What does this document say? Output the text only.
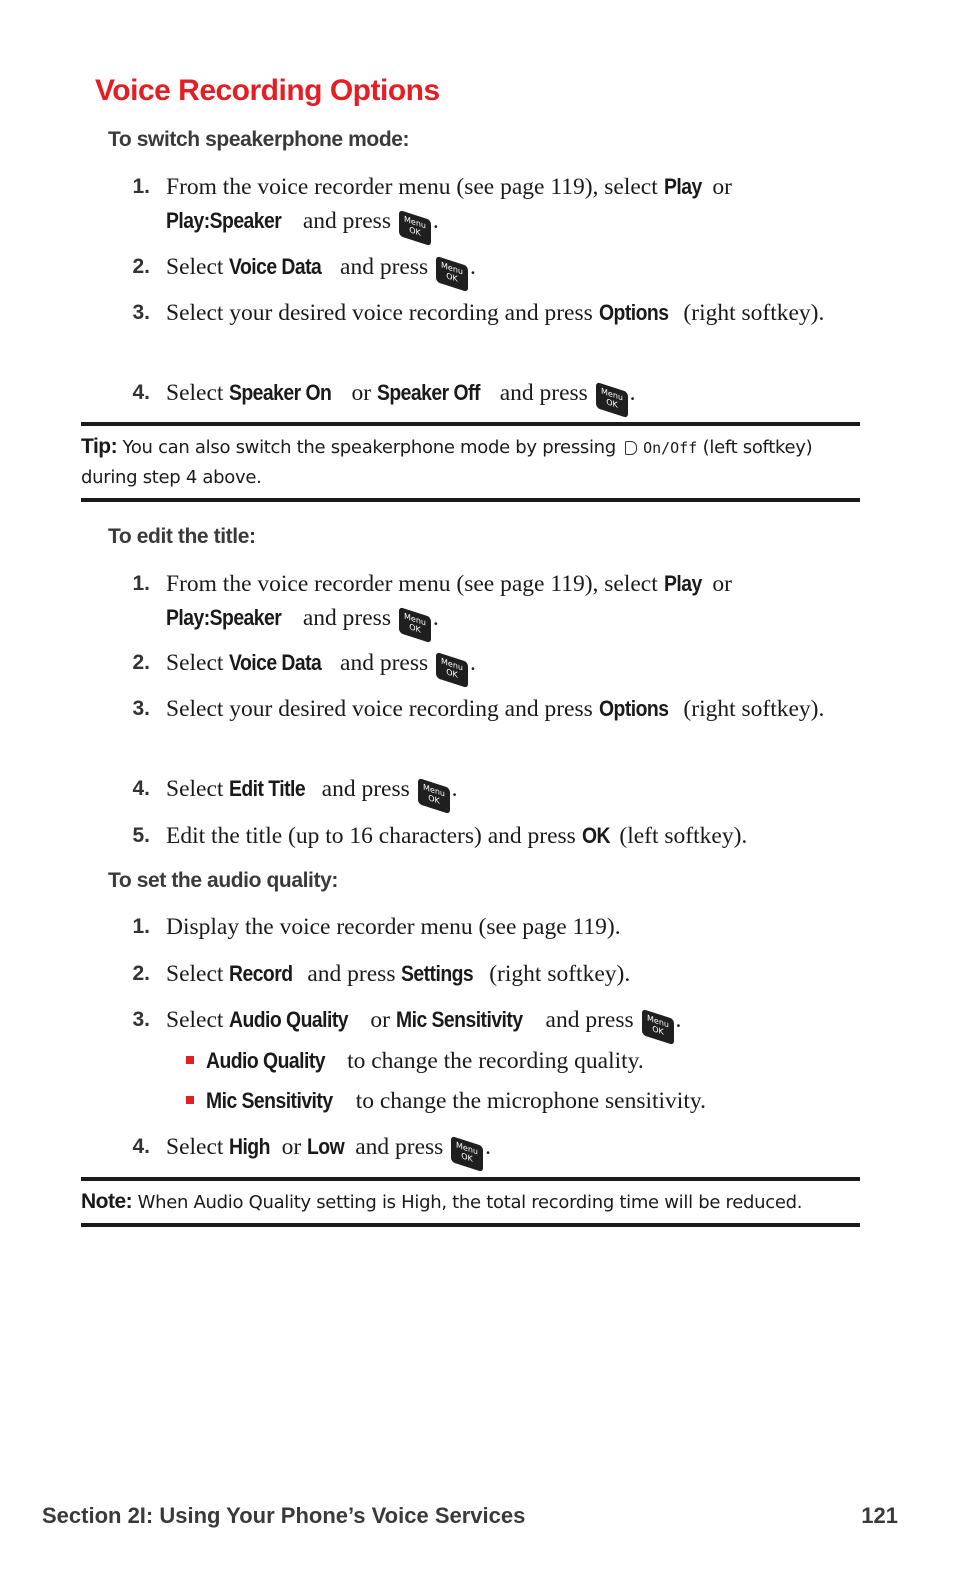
Voice Recording Options
To switch speakerphone mode:
1. From the voice recorder menu (see page 119), select Play or
Play:Speaker and press Menu OK .
2. Select Voice Data and press Menu OK .
3. Select your desired voice recording and press Options (right softkey).
4. Select Speaker On or Speaker Off and press Menu OK .
Tip: You can also switch the speakerphone mode by pressing  On/Off (left softkey) during step 4 above.
To edit the title:
1. From the voice recorder menu (see page 119), select Play or
Play:Speaker and press Menu OK .
2. Select Voice Data and press Menu OK .
3. Select your desired voice recording and press Options (right softkey).
4. Select Edit Title and press Menu OK .
5. Edit the title (up to 16 characters) and press OK (left softkey).
To set the audio quality:
1. Display the voice recorder menu (see page 119).
2. Select Record and press Settings (right softkey).
3. Select Audio Quality or Mic Sensitivity and press Menu OK .
Audio Quality to change the recording quality.
Mic Sensitivity to change the microphone sensitivity.
4. Select High or Low and press Menu OK .
Note: When Audio Quality setting is High, the total recording time will be reduced.
Section 2I: Using Your Phone’s Voice Services	121
